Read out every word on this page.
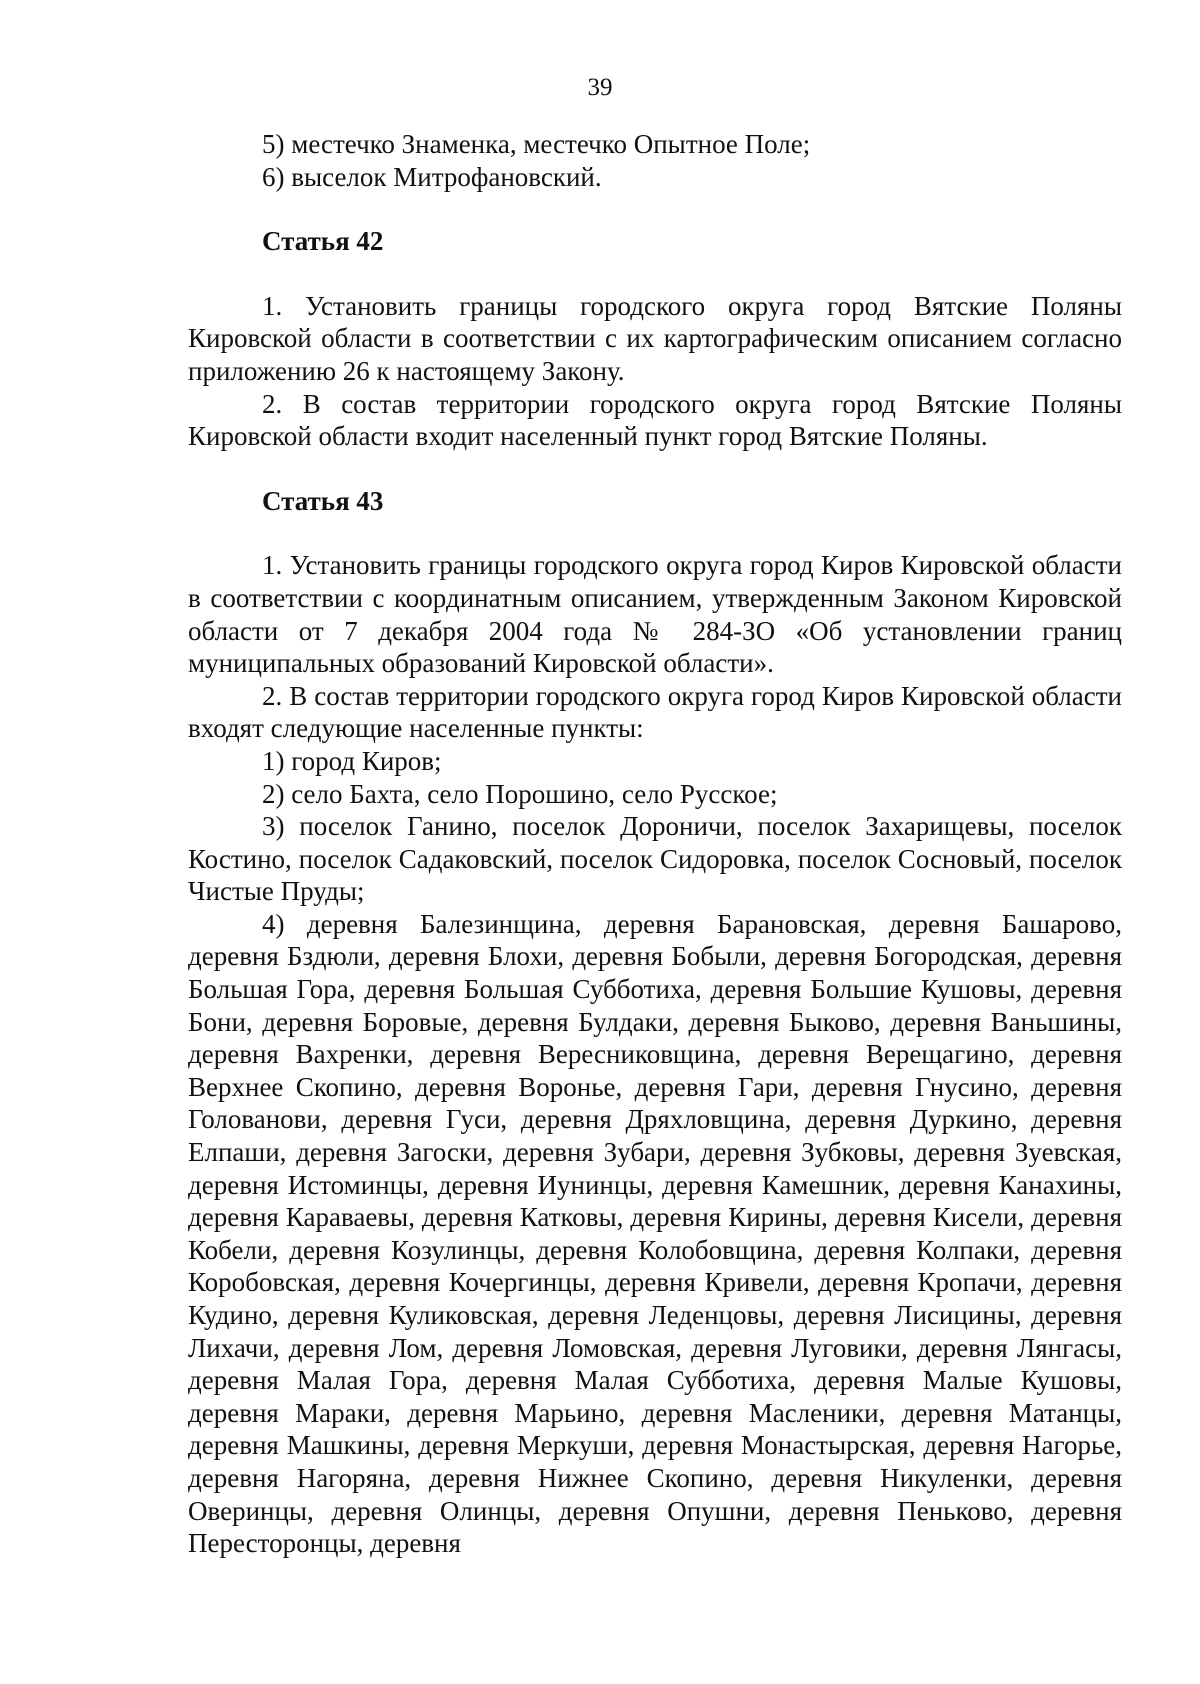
39

5) местечко Знаменка, местечко Опытное Поле;

6) выселок Митрофановский.

Статья 42

1. Установить границы городского округа город Вятские Поляны Кировской области в соответствии с их картографическим описанием согласно приложению 26 к настоящему Закону.

2. В состав территории городского округа город Вятские Поляны Кировской области входит населенный пункт город Вятские Поляны.

Статья 43

1. Установить границы городского округа город Киров Кировской области в соответствии с координатным описанием, утвержденным Законом Кировской области от 7 декабря 2004 года № 284-ЗО «Об установлении границ муниципальных образований Кировской области».

2. В состав территории городского округа город Киров Кировской области входят следующие населенные пункты:

1) город Киров;

2) село Бахта, село Порошино, село Русское;

3) поселок Ганино, поселок Дороничи, поселок Захарищевы, поселок Костино, поселок Садаковский, поселок Сидоровка, поселок Сосновый, поселок Чистые Пруды;

4) деревня Балезинщина, деревня Барановская, деревня Башарово, деревня Бздюли, деревня Блохи, деревня Бобыли, деревня Богородская, деревня Большая Гора, деревня Большая Субботиха, деревня Большие Кушовы, деревня Бони, деревня Боровые, деревня Булдаки, деревня Быково, деревня Ваньшины, деревня Вахренки, деревня Вересниковщина, деревня Верещагино, деревня Верхнее Скопино, деревня Воронье, деревня Гари, деревня Гнусино, деревня Голованови, деревня Гуси, деревня Дряхловщина, деревня Дуркино, деревня Елпаши, деревня Загоски, деревня Зубари, деревня Зубковы, деревня Зуевская, деревня Истоминцы, деревня Иунинцы, деревня Камешник, деревня Канахины, деревня Караваевы, деревня Катковы, деревня Кирины, деревня Кисели, деревня Кобели, деревня Козулинцы, деревня Колобовщина, деревня Колпаки, деревня Коробовская, деревня Кочергинцы, деревня Кривели, деревня Кропачи, деревня Кудино, деревня Куликовская, деревня Леденцовы, деревня Лисицины, деревня Лихачи, деревня Лом, деревня Ломовская, деревня Луговики, деревня Лянгасы, деревня Малая Гора, деревня Малая Субботиха, деревня Малые Кушовы, деревня Мараки, деревня Марьино, деревня Масленики, деревня Матанцы, деревня Машкины, деревня Меркуши, деревня Монастырская, деревня Нагорье, деревня Нагоряна, деревня Нижнее Скопино, деревня Никуленки, деревня Оверинцы, деревня Олинцы, деревня Опушни, деревня Пеньково, деревня Пересторонцы, деревня
